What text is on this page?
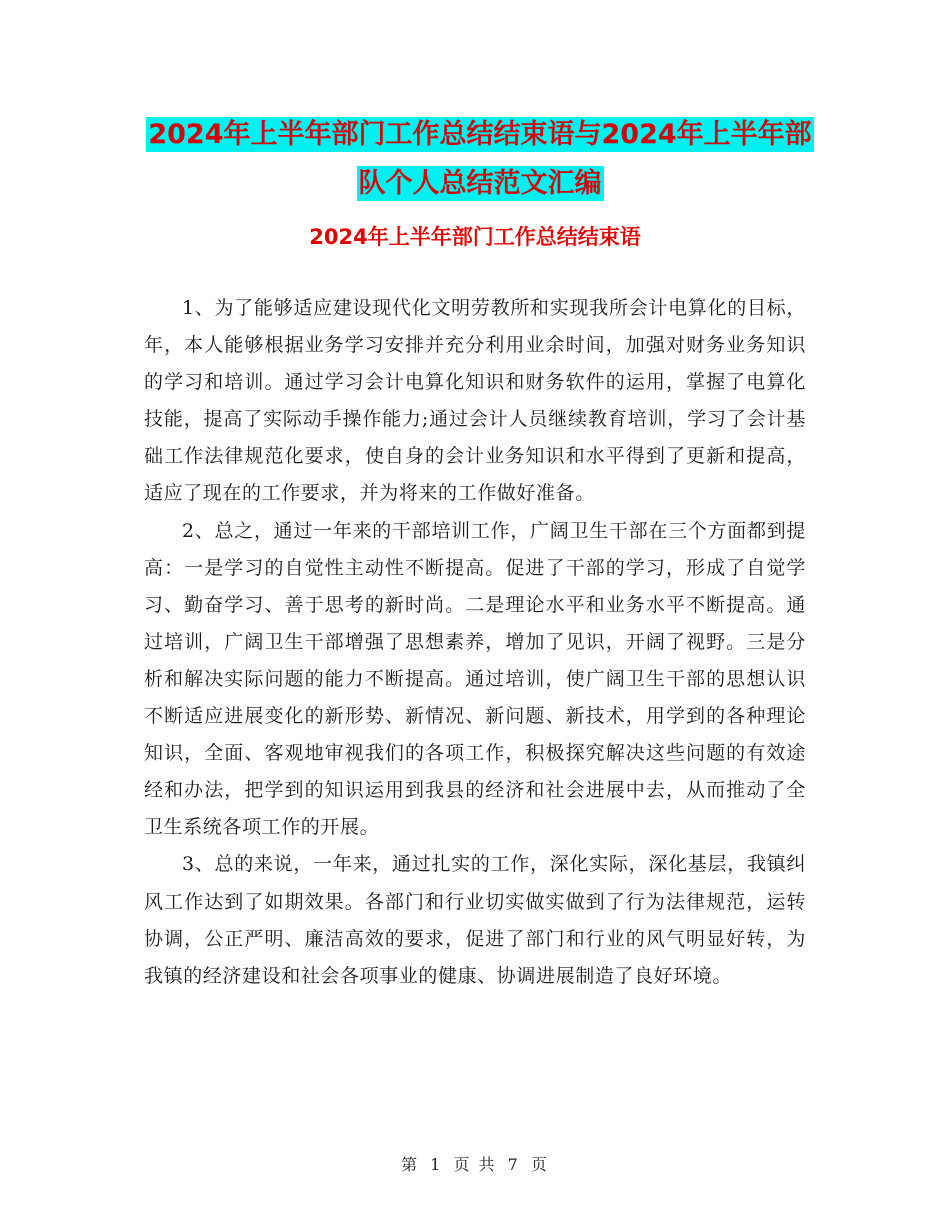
2024年上半年部门工作总结结束语与2024年上半年部
队个人总结范文汇编
2024年上半年部门工作总结结束语

1、为了能够适应建设现代化文明劳教所和实现我所会计电算化的目标，年，本人能够根据业务学习安排并充分利用业余时间，加强对财务业务知识的学习和培训。通过学习会计电算化知识和财务软件的运用，掌握了电算化技能，提高了实际动手操作能力;通过会计人员继续教育培训，学习了会计基础工作法律规范化要求，使自身的会计业务知识和水平得到了更新和提高，适应了现在的工作要求，并为将来的工作做好准备。

2、总之，通过一年来的干部培训工作，广阔卫生干部在三个方面都到提高：一是学习的自觉性主动性不断提高。促进了干部的学习，形成了自觉学习、勤奋学习、善于思考的新时尚。二是理论水平和业务水平不断提高。通过培训，广阔卫生干部增强了思想素养，增加了见识，开阔了视野。三是分析和解决实际问题的能力不断提高。通过培训，使广阔卫生干部的思想认识不断适应进展变化的新形势、新情况、新问题、新技术，用学到的各种理论知识，全面、客观地审视我们的各项工作，积极探究解决这些问题的有效途经和办法，把学到的知识运用到我县的经济和社会进展中去，从而推动了全卫生系统各项工作的开展。

3、总的来说，一年来，通过扎实的工作，深化实际，深化基层，我镇纠风工作达到了如期效果。各部门和行业切实做实做到了行为法律规范，运转协调，公正严明、廉洁高效的要求，促进了部门和行业的风气明显好转，为我镇的经济建设和社会各项事业的健康、协调进展制造了良好环境。

第 1 页 共 7 页
